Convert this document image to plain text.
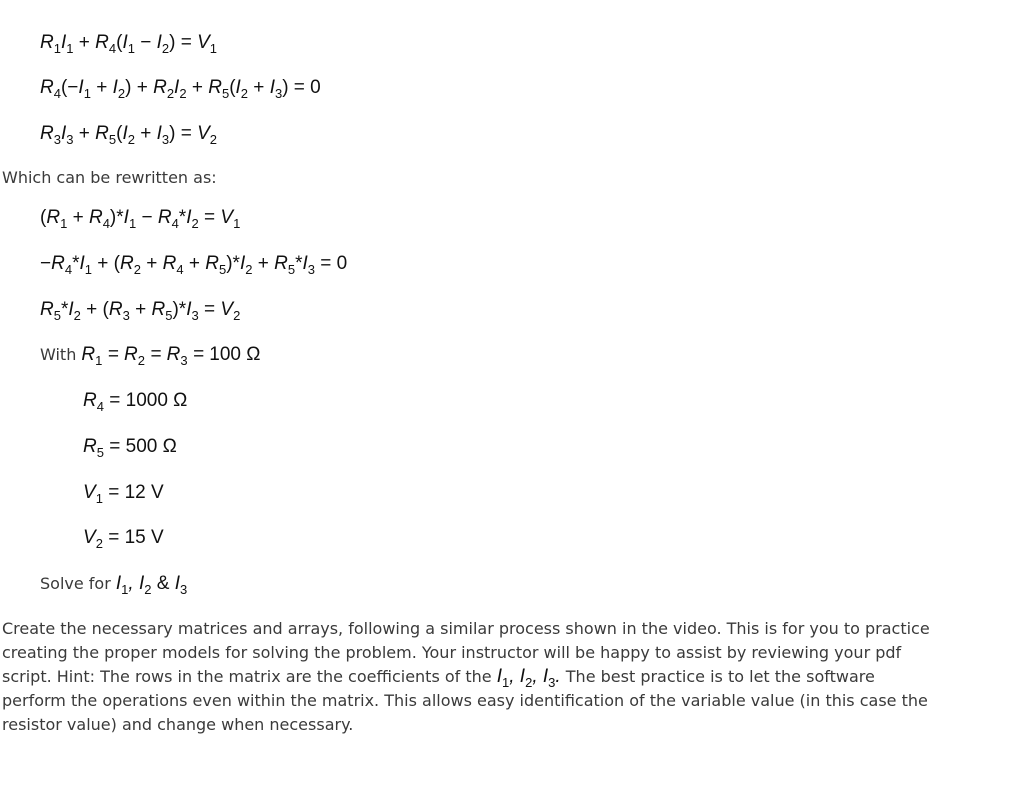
$R_1I_1 + R_4(I_1 - I_2) = V_1$
$R_4(-I_1 + I_2) + R_2I_2 + R_5(I_2 + I_3) = 0$
$R_3I_3 + R_5(I_2 + I_3) = V_2$
Which can be rewritten as:
$(R_1 + R_4)*I_1 - R_4*I_2 = V_1$
$-R_4*I_1 + (R_2 + R_4 + R_5)*I_2 + R_5*I_3 = 0$
$R_5*I_2 + (R_3 + R_5)*I_3 = V_2$
With $R_1 = R_2 = R_3 = 100$ Ω
$R_4 = 1000$ Ω
$R_5 = 500$ Ω
$V_1 = 12$ V
$V_2 = 15$ V
Solve for $I_1$, $I_2$ & $I_3$
Create the necessary matrices and arrays, following a similar process shown in the video. This is for you to practice
creating the proper models for solving the problem. Your instructor will be happy to assist by reviewing your pdf
script. Hint: The rows in the matrix are the coefficients of the $I_1$, $I_2$, $I_3$. The best practice is to let the software
perform the operations even within the matrix. This allows easy identification of the variable value (in this case the
resistor value) and change when necessary.
